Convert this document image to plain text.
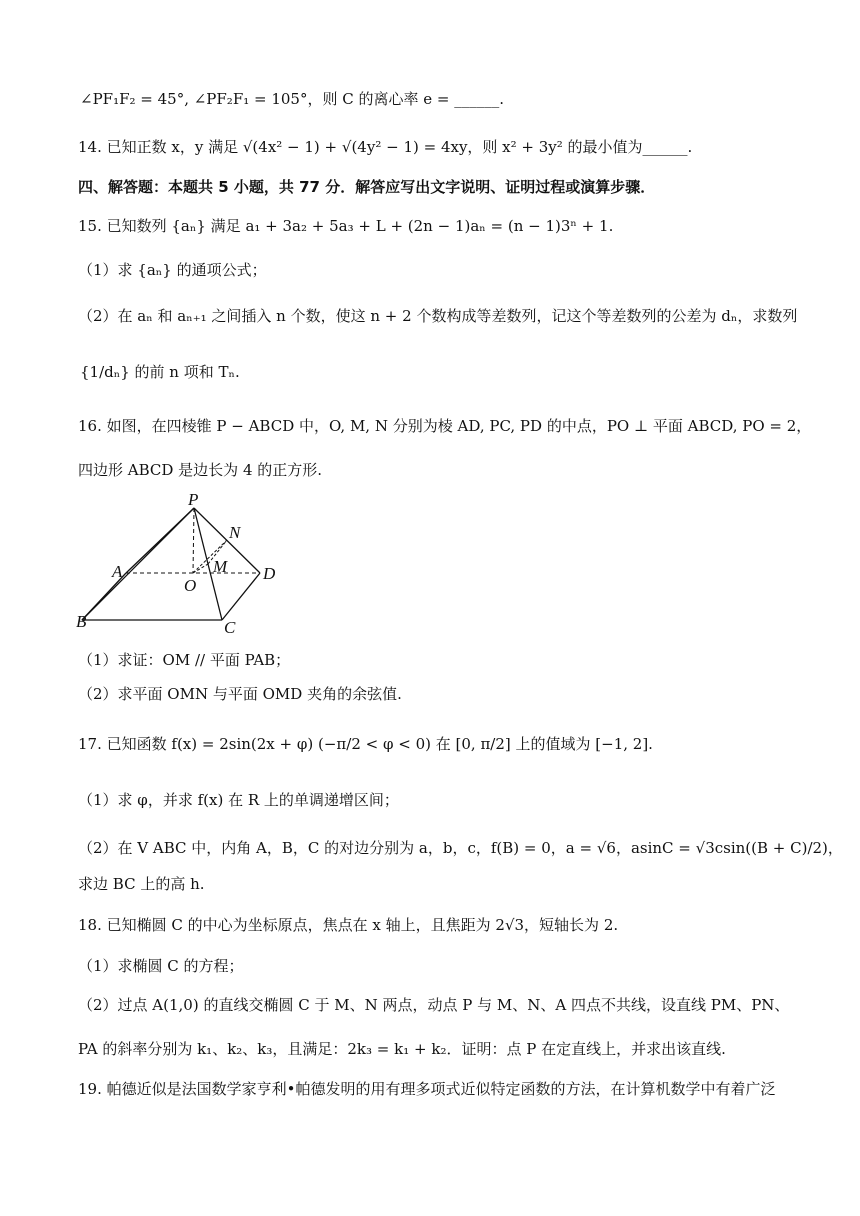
∠PF₁F₂ = 45°, ∠PF₂F₁ = 105°，则 C 的离心率 e = ______.
14. 已知正数 x，y 满足 √(4x² − 1) + √(4y² − 1) = 4xy，则 x² + 3y² 的最小值为______.
四、解答题：本题共 5 小题，共 77 分．解答应写出文字说明、证明过程或演算步骤．
15. 已知数列 {aₙ} 满足 a₁ + 3a₂ + 5a₃ + L + (2n − 1)aₙ = (n − 1)3ⁿ + 1.
（1）求 {aₙ} 的通项公式；
（2）在 aₙ 和 aₙ₊₁ 之间插入 n 个数，使这 n + 2 个数构成等差数列，记这个等差数列的公差为 dₙ，求数列
{1/dₙ} 的前 n 项和 Tₙ.
16. 如图，在四棱锥 P − ABCD 中，O, M, N 分别为棱 AD, PC, PD 的中点，PO ⊥ 平面 ABCD, PO = 2，
四边形 ABCD 是边长为 4 的正方形.
P
N
A	M D
O
B	C
（1）求证：OM // 平面 PAB；
（2）求平面 OMN 与平面 OMD 夹角的余弦值.
17. 已知函数 f(x) = 2sin(2x + φ) (−π/2 < φ < 0) 在 [0, π/2] 上的值域为 [−1, 2].
（1）求 φ，并求 f(x) 在 R 上的单调递增区间；
（2）在 V ABC 中，内角 A，B，C 的对边分别为 a，b，c，f(B) = 0，a = √6，asinC = √3csin((B + C)/2)，
求边 BC 上的高 h.
18. 已知椭圆 C 的中心为坐标原点，焦点在 x 轴上，且焦距为 2√3，短轴长为 2.
（1）求椭圆 C 的方程；
（2）过点 A(1,0) 的直线交椭圆 C 于 M、N 两点，动点 P 与 M、N、A 四点不共线，设直线 PM、PN、
PA 的斜率分别为 k₁、k₂、k₃，且满足：2k₃ = k₁ + k₂．证明：点 P 在定直线上，并求出该直线.
19. 帕德近似是法国数学家亨利•帕德发明的用有理多项式近似特定函数的方法，在计算机数学中有着广泛
